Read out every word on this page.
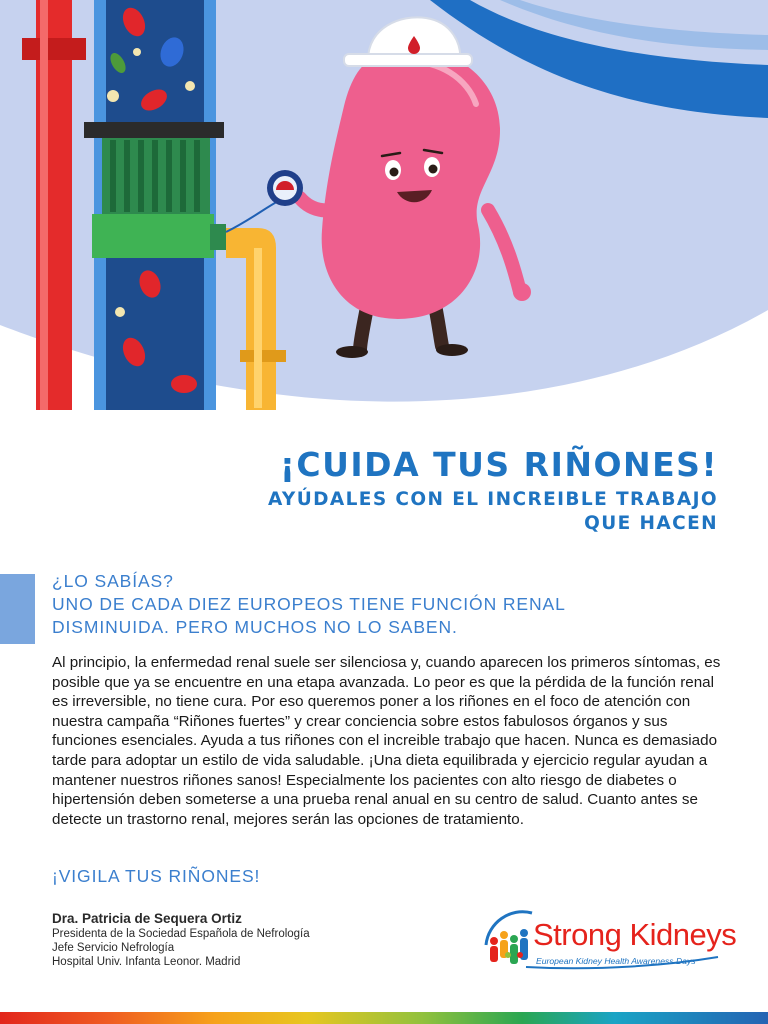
¡CUIDA TUS RIÑONES!
AYÚDALES CON EL INCREIBLE TRABAJO
QUE HACEN

¿LO SABÍAS?
UNO DE CADA DIEZ EUROPEOS TIENE FUNCIÓN RENAL
DISMINUIDA. PERO MUCHOS NO LO SABEN.

Al principio, la enfermedad renal suele ser silenciosa y, cuando aparecen los primeros síntomas, es posible que ya se encuentre en una etapa avanzada. Lo peor es que la pérdida de la función renal es irreversible, no tiene cura. Por eso queremos poner a los riñones en el foco de atención con nuestra campaña “Riñones fuertes” y crear conciencia sobre estos fabulosos órganos y sus funciones esenciales. Ayuda a tus riñones con el increible trabajo que hacen. Nunca es demasiado tarde para adoptar un estilo de vida saludable. ¡Una dieta equilibrada y ejercicio regular ayudan a mantener nuestros riñones sanos! Especialmente los pacientes con alto riesgo de diabetes o hipertensión deben someterse a una prueba renal anual en su centro de salud. Cuanto antes se detecte un trastorno renal, mejores serán las opciones de tratamiento.

¡VIGILA TUS RIÑONES!

Dra. Patricia de Sequera Ortiz
Presidenta de la Sociedad Española de Nefrología
Jefe Servicio Nefrología
Hospital Univ. Infanta Leonor. Madrid
Strong Kidneys
European Kidney Health Awareness Days
